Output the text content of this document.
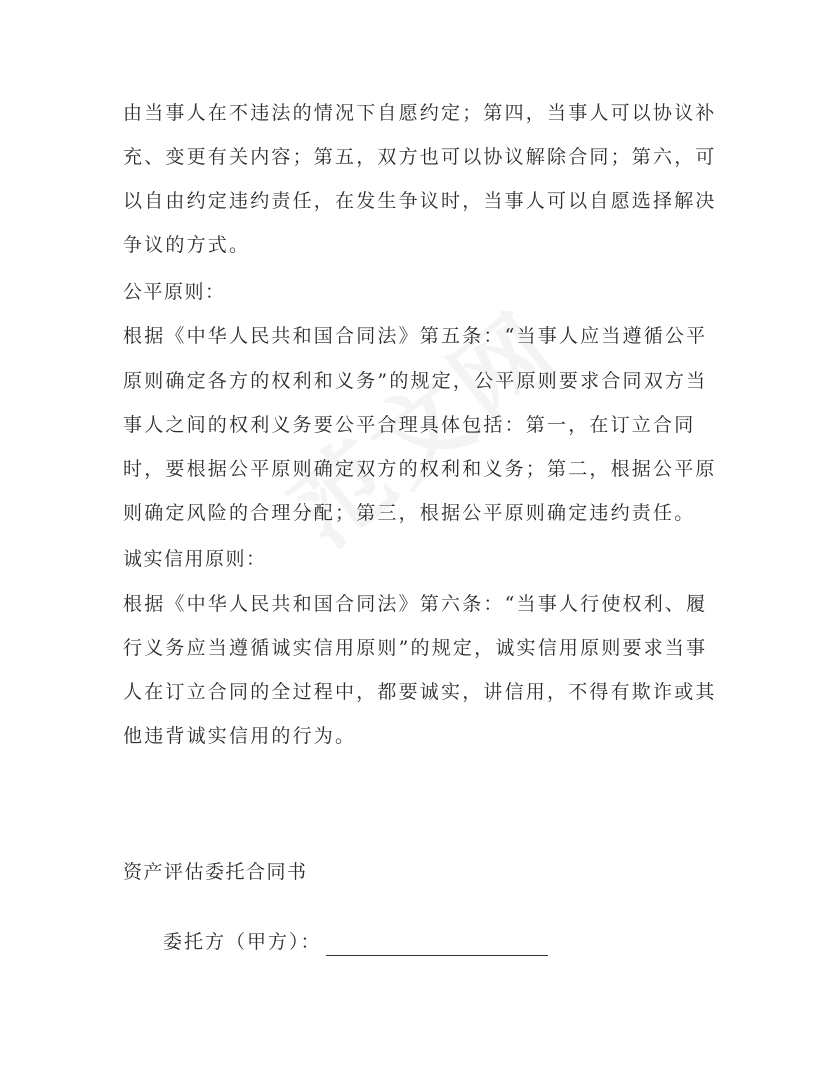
由当事人在不违法的情况下自愿约定；第四，当事人可以协议补
充、变更有关内容；第五，双方也可以协议解除合同；第六，可
以自由约定违约责任，在发生争议时，当事人可以自愿选择解决
争议的方式。
公平原则：
根据《中华人民共和国合同法》第五条：“当事人应当遵循公平
原则确定各方的权利和义务”的规定，公平原则要求合同双方当
事人之间的权利义务要公平合理具体包括：第一，在订立合同
时，要根据公平原则确定双方的权利和义务；第二，根据公平原
则确定风险的合理分配；第三，根据公平原则确定违约责任。
诚实信用原则：
根据《中华人民共和国合同法》第六条：“当事人行使权利、履
行义务应当遵循诚实信用原则”的规定，诚实信用原则要求当事
人在订立合同的全过程中，都要诚实，讲信用，不得有欺诈或其
他违背诚实信用的行为。
资产评估委托合同书
委托方（甲方）：
